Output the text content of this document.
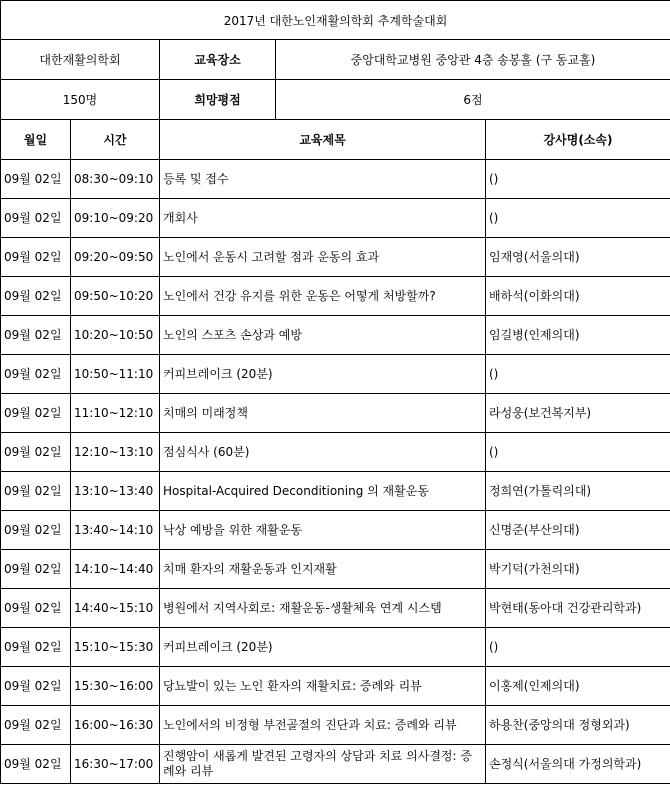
2017년 대한노인재활의학회 추계학술대회				
대한재활의학회		교육장소	중앙대학교병원 중앙관 4층 송봉홀 (구 동교홀)	
150명		희망평점	6점	
월일	시간	교육제목		강사명(소속)
09월 02일	08:30~09:10	등록 및 접수		()
09월 02일	09:10~09:20	개회사		()
09월 02일	09:20~09:50	노인에서 운동시 고려할 점과 운동의 효과		임재영(서울의대)
09월 02일	09:50~10:20	노인에서 건강 유지를 위한 운동은 어떻게 처방할까?		배하석(이화의대)
09월 02일	10:20~10:50	노인의 스포츠 손상과 예방		임길병(인제의대)
09월 02일	10:50~11:10	커피브레이크 (20분)		()
09월 02일	11:10~12:10	치매의 미래정책		라성웅(보건복지부)
09월 02일	12:10~13:10	점심식사 (60분)		()
09월 02일	13:10~13:40	Hospital-Acquired Deconditioning 의 재활운동		정희연(가톨릭의대)
09월 02일	13:40~14:10	낙상 예방을 위한 재활운동		신명준(부산의대)
09월 02일	14:10~14:40	치매 환자의 재활운동과 인지재활		박기덕(가천의대)
09월 02일	14:40~15:10	병원에서 지역사회로: 재활운동-생활체육 연계 시스템		박현태(동아대 건강관리학과)
09월 02일	15:10~15:30	커피브레이크 (20분)		()
09월 02일	15:30~16:00	당뇨발이 있는 노인 환자의 재활치료: 증례와 리뷰		이홍제(인제의대)
09월 02일	16:00~16:30	노인에서의 비정형 부전골절의 진단과 치료: 증례와 리뷰		하용찬(중앙의대 정형외과)
09월 02일	16:30~17:00	진행암이 새롭게 발견된 고령자의 상담과 치료 의사결정: 증례와 리뷰		손정식(서울의대 가정의학과)
